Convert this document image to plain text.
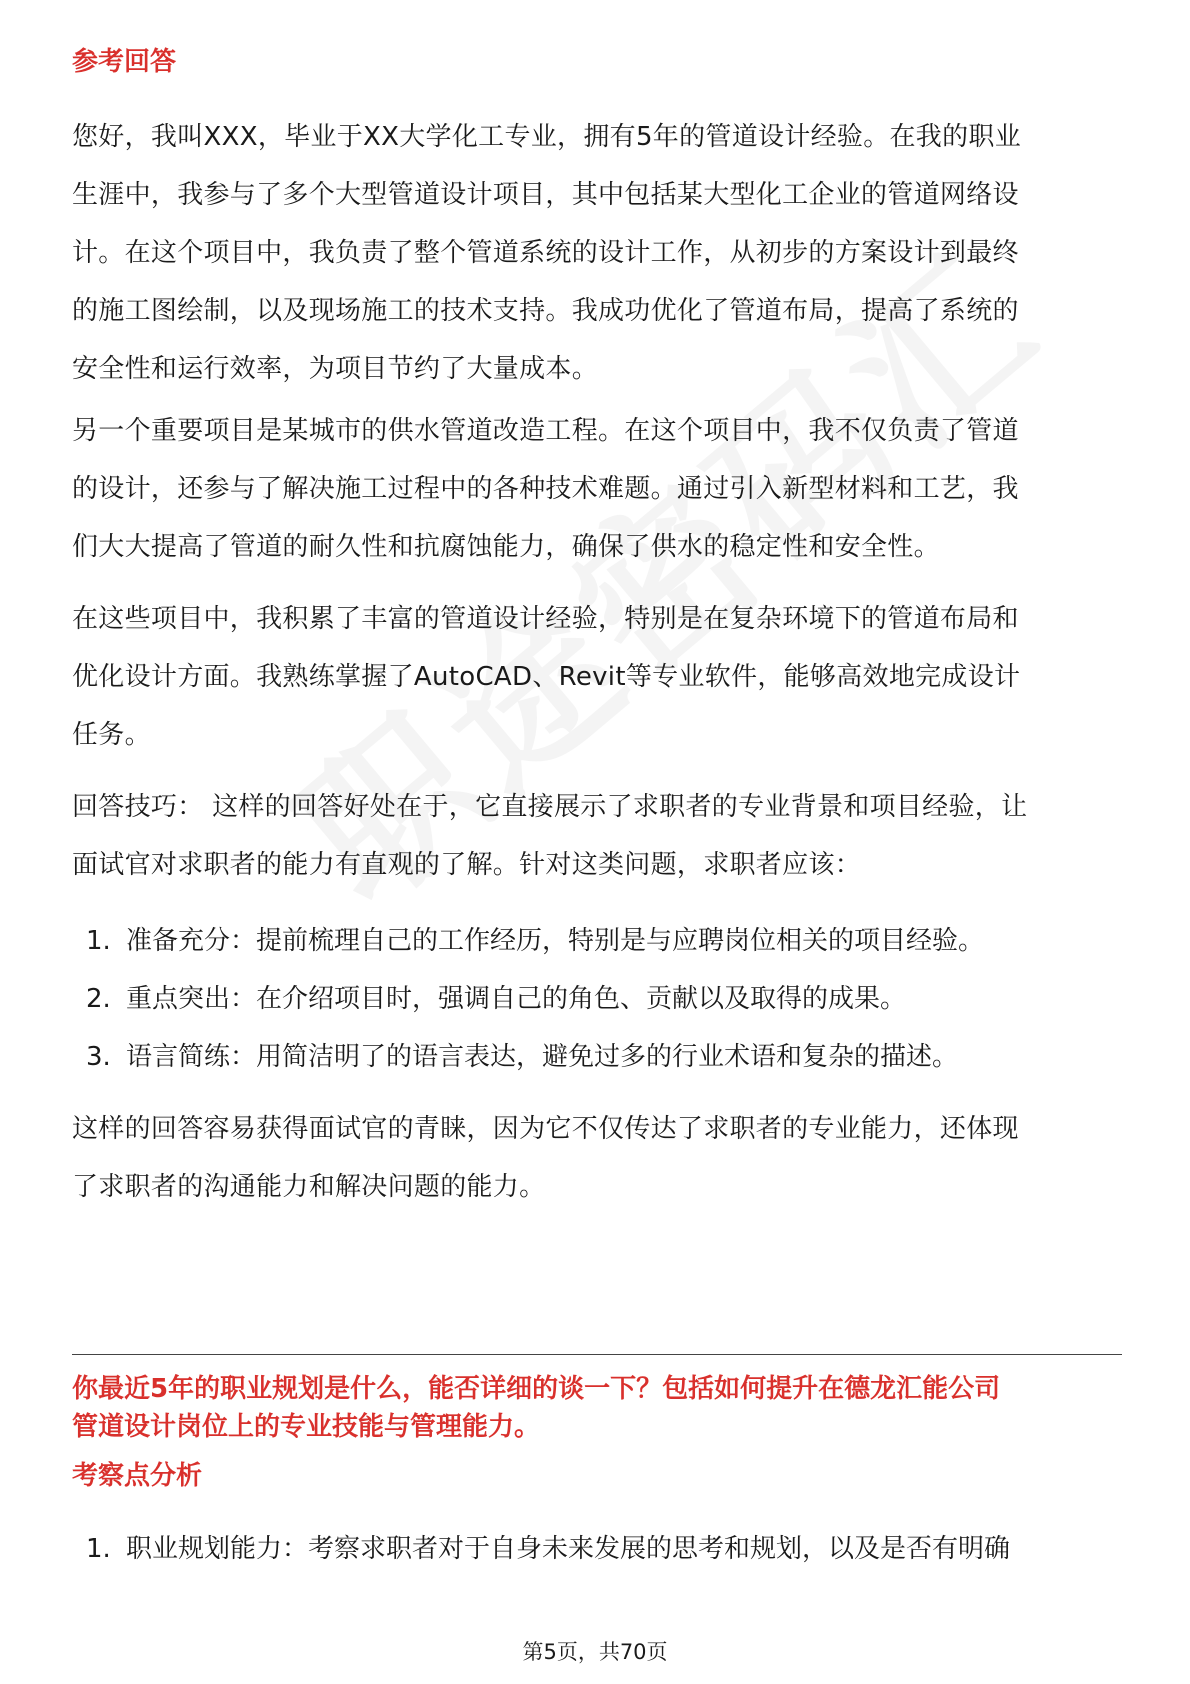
参考回答
您好，我叫XXX，毕业于XX大学化工专业，拥有5年的管道设计经验。在我的职业
生涯中，我参与了多个大型管道设计项目，其中包括某大型化工企业的管道网络设
计。在这个项目中，我负责了整个管道系统的设计工作，从初步的方案设计到最终
的施工图绘制，以及现场施工的技术支持。我成功优化了管道布局，提高了系统的
安全性和运行效率，为项目节约了大量成本。
另一个重要项目是某城市的供水管道改造工程。在这个项目中，我不仅负责了管道
的设计，还参与了解决施工过程中的各种技术难题。通过引入新型材料和工艺，我
们大大提高了管道的耐久性和抗腐蚀能力，确保了供水的稳定性和安全性。
在这些项目中，我积累了丰富的管道设计经验，特别是在复杂环境下的管道布局和
优化设计方面。我熟练掌握了AutoCAD、Revit等专业软件，能够高效地完成设计
任务。
回答技巧： 这样的回答好处在于，它直接展示了求职者的专业背景和项目经验，让
面试官对求职者的能力有直观的了解。针对这类问题，求职者应该：
1. 准备充分：提前梳理自己的工作经历，特别是与应聘岗位相关的项目经验。
2. 重点突出：在介绍项目时，强调自己的角色、贡献以及取得的成果。
3. 语言简练：用简洁明了的语言表达，避免过多的行业术语和复杂的描述。
这样的回答容易获得面试官的青睐，因为它不仅传达了求职者的专业能力，还体现
了求职者的沟通能力和解决问题的能力。
你最近5年的职业规划是什么，能否详细的谈一下？包括如何提升在德龙汇能公司
管道设计岗位上的专业技能与管理能力。
考察点分析
1. 职业规划能力：考察求职者对于自身未来发展的思考和规划，以及是否有明确
第5页，共70页
